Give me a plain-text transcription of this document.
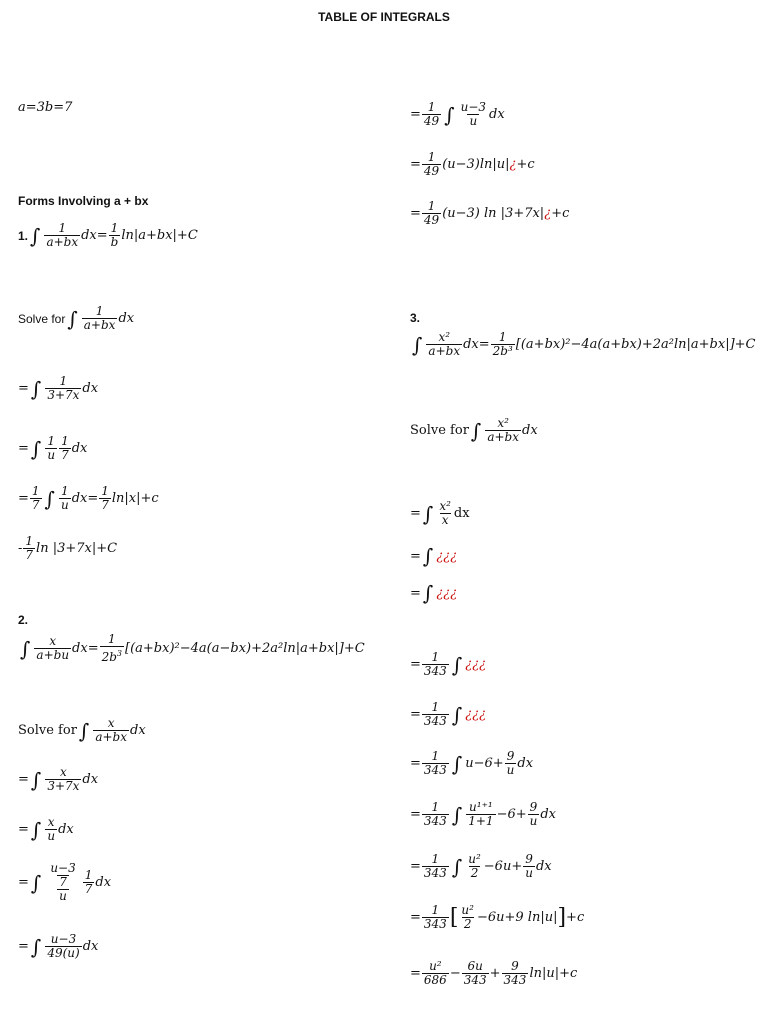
TABLE OF INTEGRALS
a=3b=7
Forms Involving a + bx
1. ∫ $\frac{1}{a+bx} dx= \frac{1}{b} \ln|a+bx|+C$
Solve for ∫ $\frac{1}{a+bx}$ dx
= ∫ $\frac{1}{3+7x}$ dx
= ∫ $\frac{1}{u} \frac{1}{7}$ dx
= $\frac{1}{7}$ ∫ $\frac{1}{u} dx= \frac{1}{7} \ln|x|+c$
- $\frac{1}{7}$ ln |3+7x|+C
2.
∫ $\frac{x}{a+bu} dx= \frac{1}{2b^3} [(a+bx)^2-4a(a-bx)+2a^2\ln|a+bx|]+C$
Solve for ∫ $\frac{x}{a+bx}$ dx
= ∫ $\frac{x}{3+7x}$ dx
= ∫ $\frac{x}{u}$ dx
= ∫ $\frac{\frac{u-3}{7}}{u} \frac{1}{7}$ dx
= ∫ $\frac{u-3}{49(u)}$ dx
= $\frac{1}{49}$ ∫ $\frac{u-3}{u}$ dx
= $\frac{1}{49} (u-3)\ln|u|$ ¿ +c
= $\frac{1}{49} (u-3)$ ln |3+7x| ¿ +c
3.
∫ $\frac{\text{x²}}{a+bx} dx= \frac{1}{\text{2b³}} [(a+bx)^2-4a(a+bx)+2a^2\ln|a+bx|]+C$
Solve for ∫ $\frac{\text{x²}}{a+bx}$ dx
= ∫ $\frac{\text{x²}}{x}$ dx
= ∫ ¿¿¿
= ∫ ¿¿¿
= $\frac{1}{343}$ ∫ ¿¿¿
= $\frac{1}{343}$ ∫ ¿¿¿
= $\frac{1}{343}$ ∫ $u-6+ \frac{9}{u}$ dx
= $\frac{1}{343}$ ∫ $\frac{\text{u¹⁺¹}}{1+1} -6+ \frac{9}{u}$ dx
= $\frac{1}{343}$ ∫ $\frac{\text{u²}}{2} -6u+ \frac{9}{u}$ dx
= $\frac{1}{343}$ [ $\frac{\text{u²}}{2} -6u+9$ ln|u| ] +c
= $\frac{\text{u²}}{686} - \frac{6u}{343} + \frac{9}{343} \ln|u|+c$
